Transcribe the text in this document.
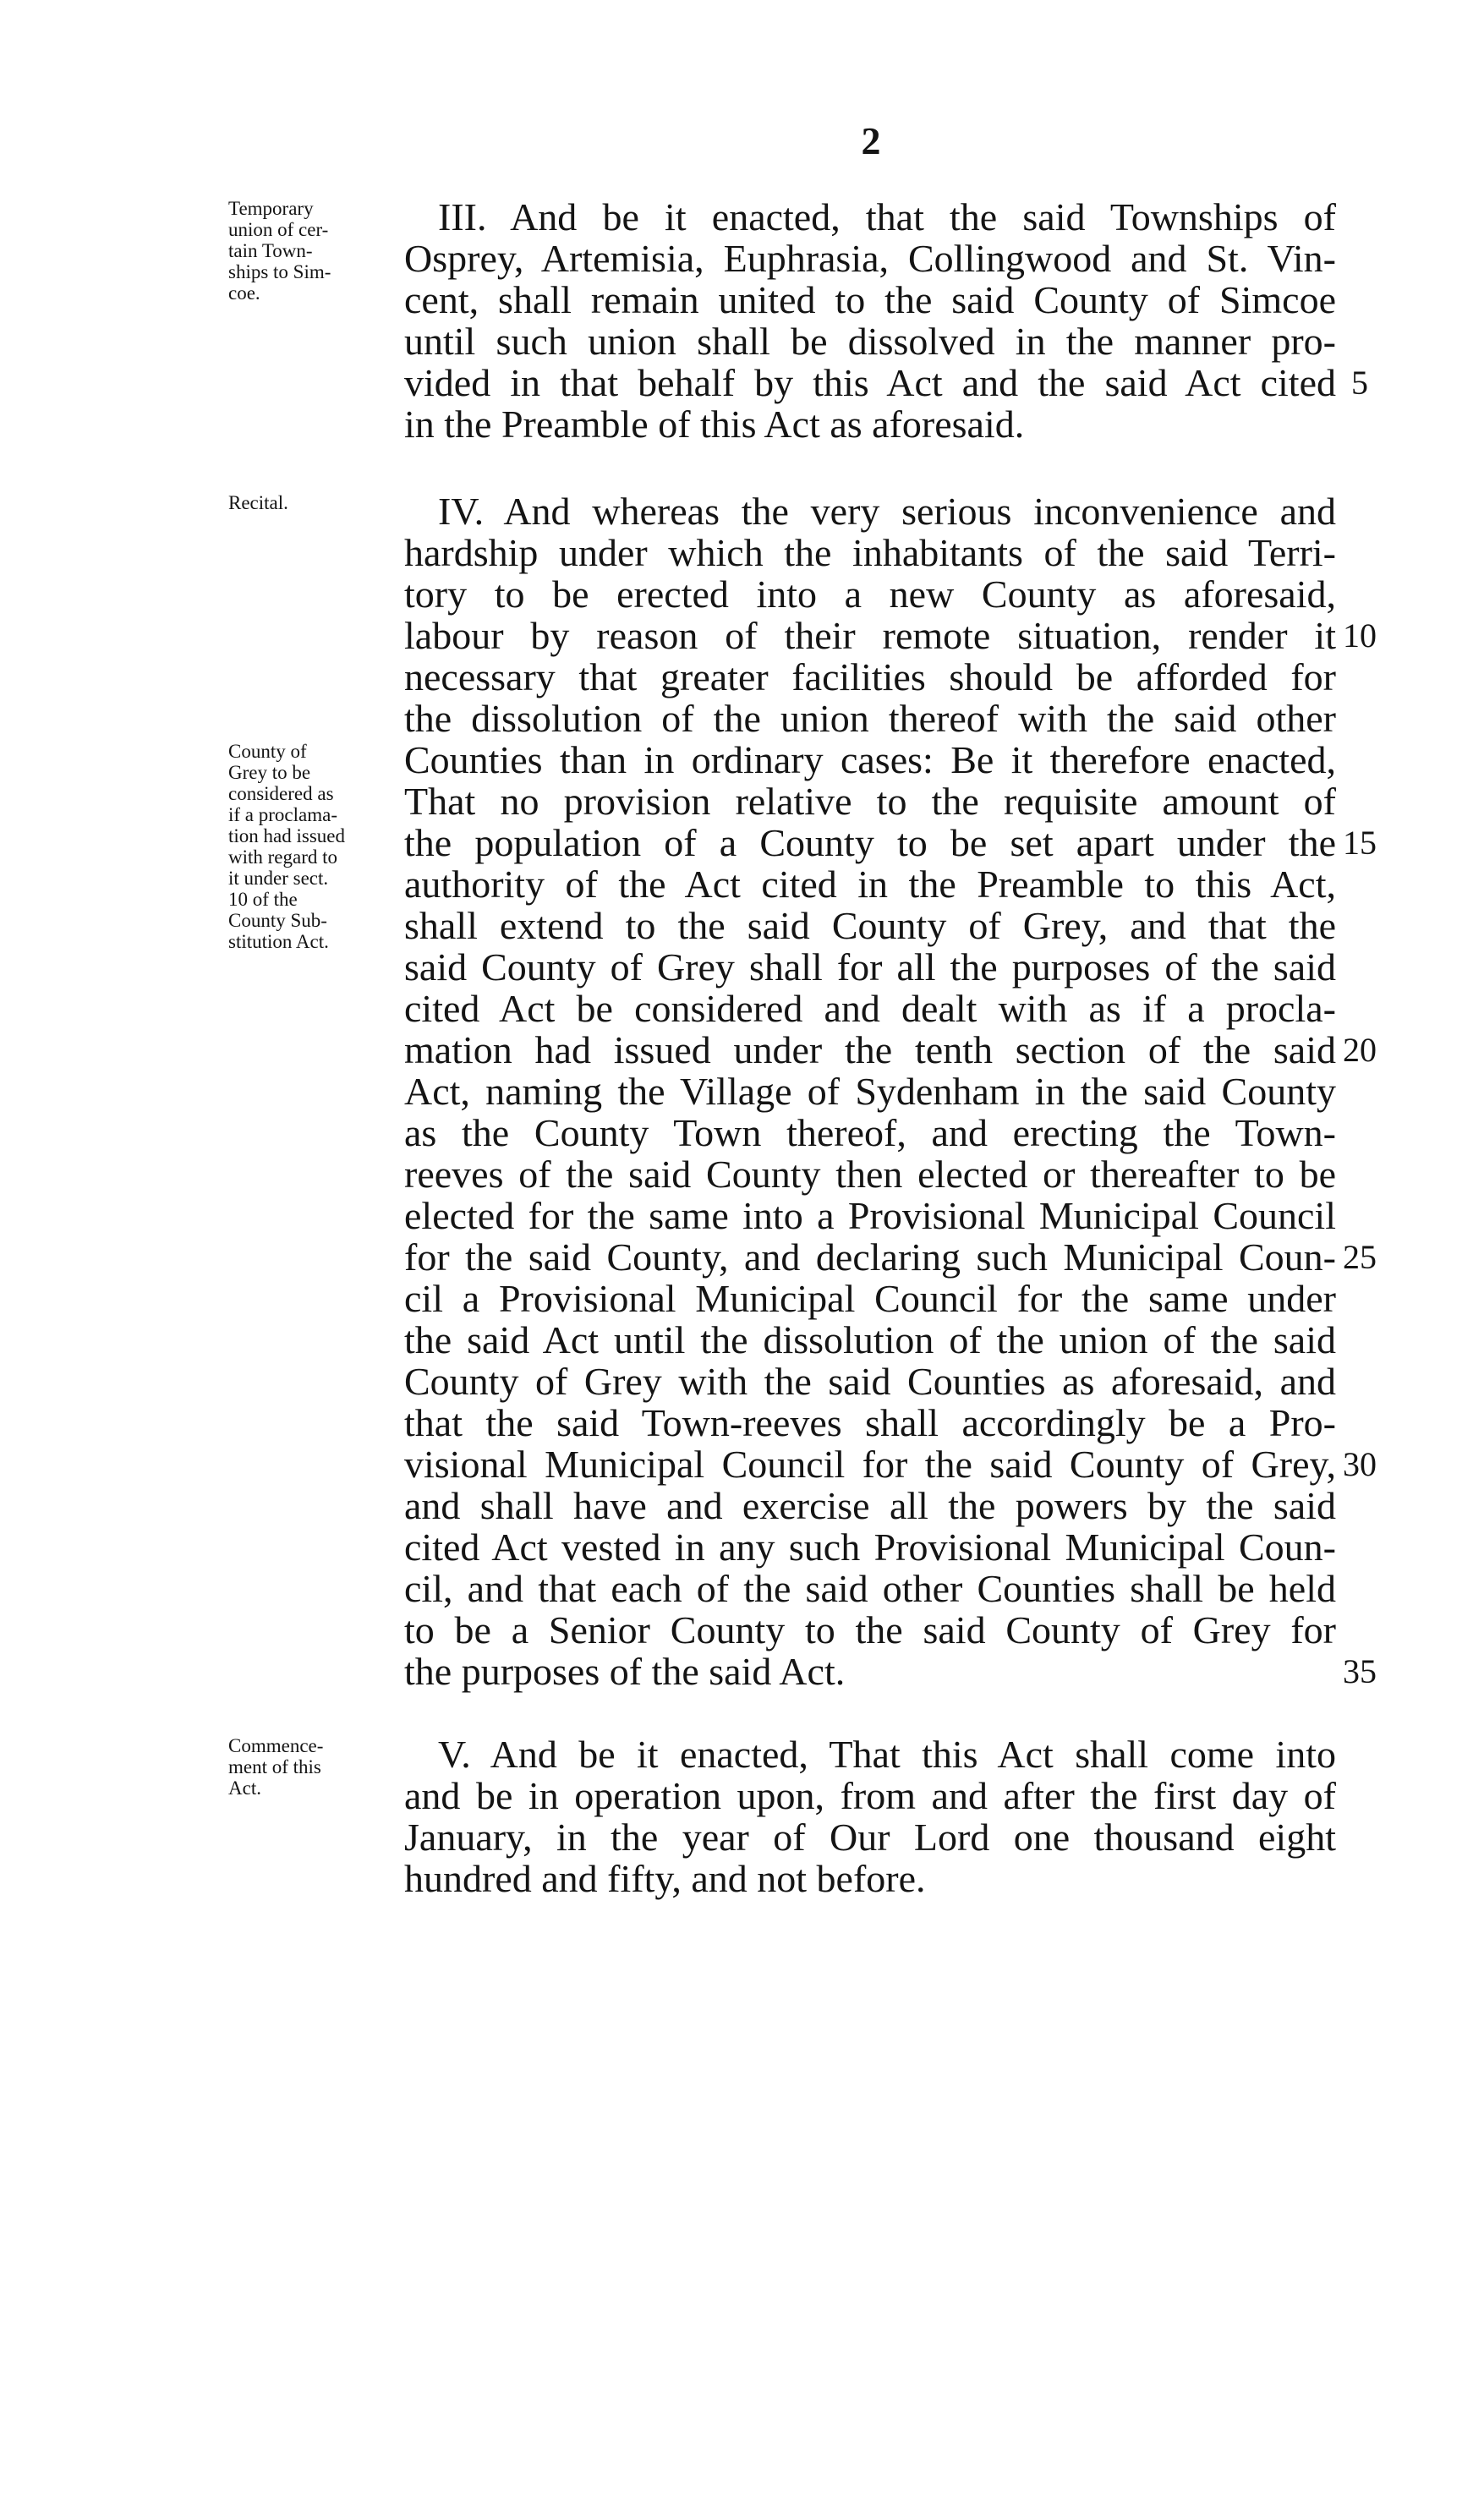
2
Temporary
union of cer-
tain Town-
ships to Sim-
coe.
III. And be it enacted, that the said Townships of
Osprey, Artemisia, Euphrasia, Collingwood and St. Vin-
cent, shall remain united to the said County of Simcoe
until such union shall be dissolved in the manner pro-
vided in that behalf by this Act and the said Act cited 5
in the Preamble of this Act as aforesaid.
Recital.
County of
Grey to be
considered as
if a proclama-
tion had issued
with regard to
it under sect.
10 of the
County Sub-
stitution Act.
IV. And whereas the very serious inconvenience and
hardship under which the inhabitants of the said Terri-
tory to be erected into a new County as aforesaid,
labour by reason of their remote situation, render it 10
necessary that greater facilities should be afforded for
the dissolution of the union thereof with the said other
Counties than in ordinary cases: Be it therefore enacted,
That no provision relative to the requisite amount of
the population of a County to be set apart under the 15
authority of the Act cited in the Preamble to this Act,
shall extend to the said County of Grey, and that the
said County of Grey shall for all the purposes of the said
cited Act be considered and dealt with as if a procla-
mation had issued under the tenth section of the said 20
Act, naming the Village of Sydenham in the said County
as the County Town thereof, and erecting the Town-
reeves of the said County then elected or thereafter to be
elected for the same into a Provisional Municipal Council
for the said County, and declaring such Municipal Coun- 25
cil a Provisional Municipal Council for the same under
the said Act until the dissolution of the union of the said
County of Grey with the said Counties as aforesaid, and
that the said Town-reeves shall accordingly be a Pro-
visional Municipal Council for the said County of Grey, 30
and shall have and exercise all the powers by the said
cited Act vested in any such Provisional Municipal Coun-
cil, and that each of the said other Counties shall be held
to be a Senior County to the said County of Grey for
the purposes of the said Act.	35
Commence-
ment of this
Act.
V. And be it enacted, That this Act shall come into
and be in operation upon, from and after the first day of
January, in the year of Our Lord one thousand eight
hundred and fifty, and not before.
